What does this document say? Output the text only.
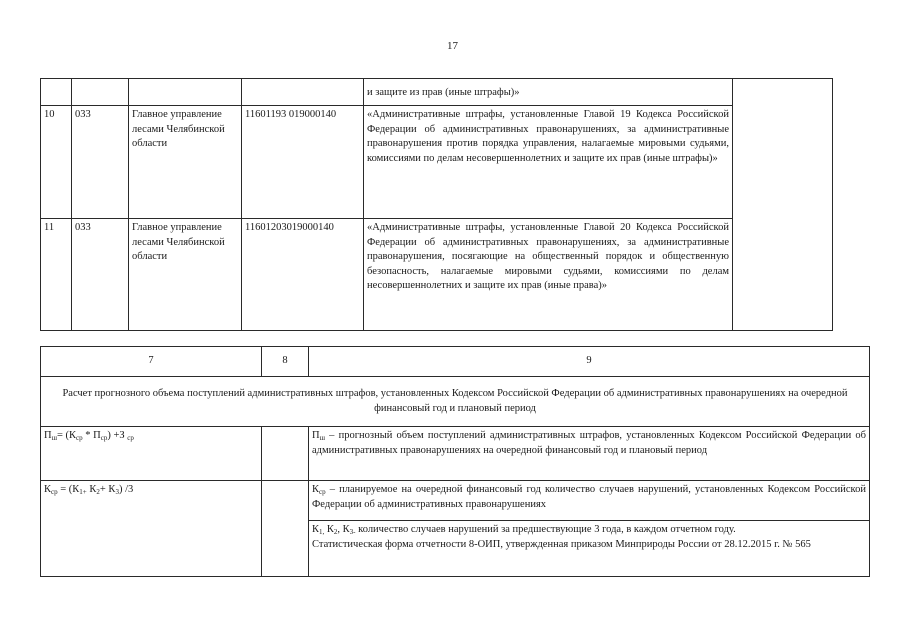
17
				и защите из прав (иные штрафы)»	
10	033	Главное управление лесами Челябинской области	11601193 019000140	«Административные штрафы, установленные Главой 19 Кодекса Российской Федерации об административных правонарушениях, за административные правонарушения против порядка управления, налагаемые мировыми судьями, комиссиями по делам несовершеннолетних и защите их прав (иные штрафы)»	
11	033	Главное управление лесами Челябинской области	11601203019000140	«Административные штрафы, установленные Главой 20 Кодекса Российской Федерации об административных правонарушениях, за административные правонарушения, посягающие на общественный порядок и общественную безопасность, налагаемые мировыми судьями, комиссиями по делам несовершеннолетних и защите их прав (иные права)»	
7	8	9
Расчет прогнозного объема поступлений административных штрафов, установленных Кодексом Российской Федерации об административных правонарушениях на очередной финансовый год и плановый период		
$П_ш= (К_{ср} * П_{ср}) +З$ $_{ср}$		$П_ш$ – прогнозный объем поступлений административных штрафов, установленных Кодексом Российской Федерации об административных правонарушениях на очередной финансовый год и плановый период
$К_{ср} = (К_{1+}$ $К_2+ К_3$) /3		$К_{ср}$ – планируемое на очередной финансовый год количество случаев нарушений, установленных Кодексом Российской Федерации об административных правонарушениях
		$К_{1,}$ $К_2$, $К_{3-}$ количество случаев нарушений за предшествующие 3 года, в каждом отчетном году.
Статистическая форма отчетности 8-ОИП, утвержденная приказом Минприроды России от 28.12.2015 г. № 565
